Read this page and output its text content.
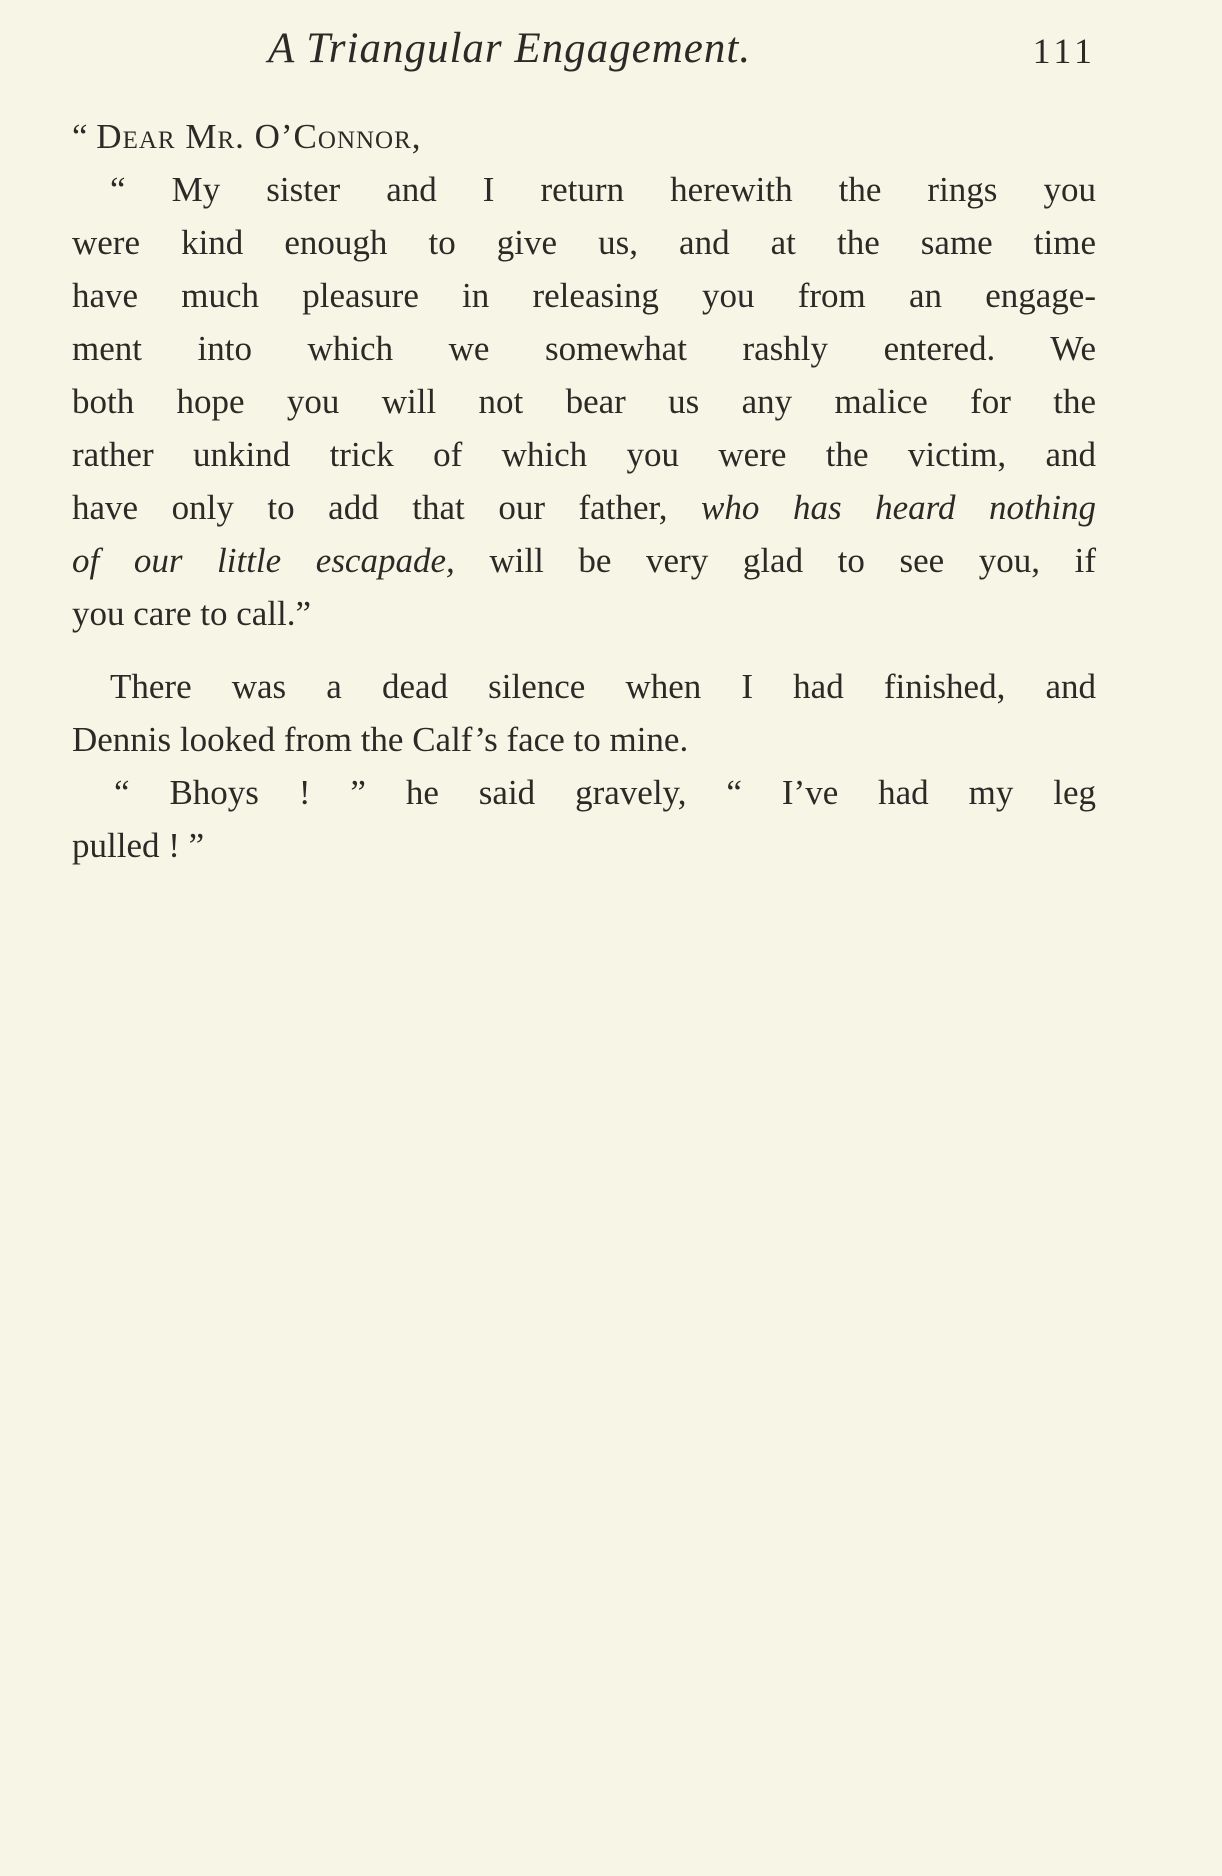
A Triangular Engagement.	111
“ Dear Mr. O’Connor,
“ My sister and I return herewith the rings you
were kind enough to give us, and at the same time
have much pleasure in releasing you from an engage-
ment into which we somewhat rashly entered. We
both hope you will not bear us any malice for the
rather unkind trick of which you were the victim, and
have only to add that our father, who has heard nothing
of our little escapade, will be very glad to see you, if
you care to call.”
There was a dead silence when I had finished, and
Dennis looked from the Calf’s face to mine.
“ Bhoys ! ” he said gravely, “ I’ve had my leg
pulled ! ”
